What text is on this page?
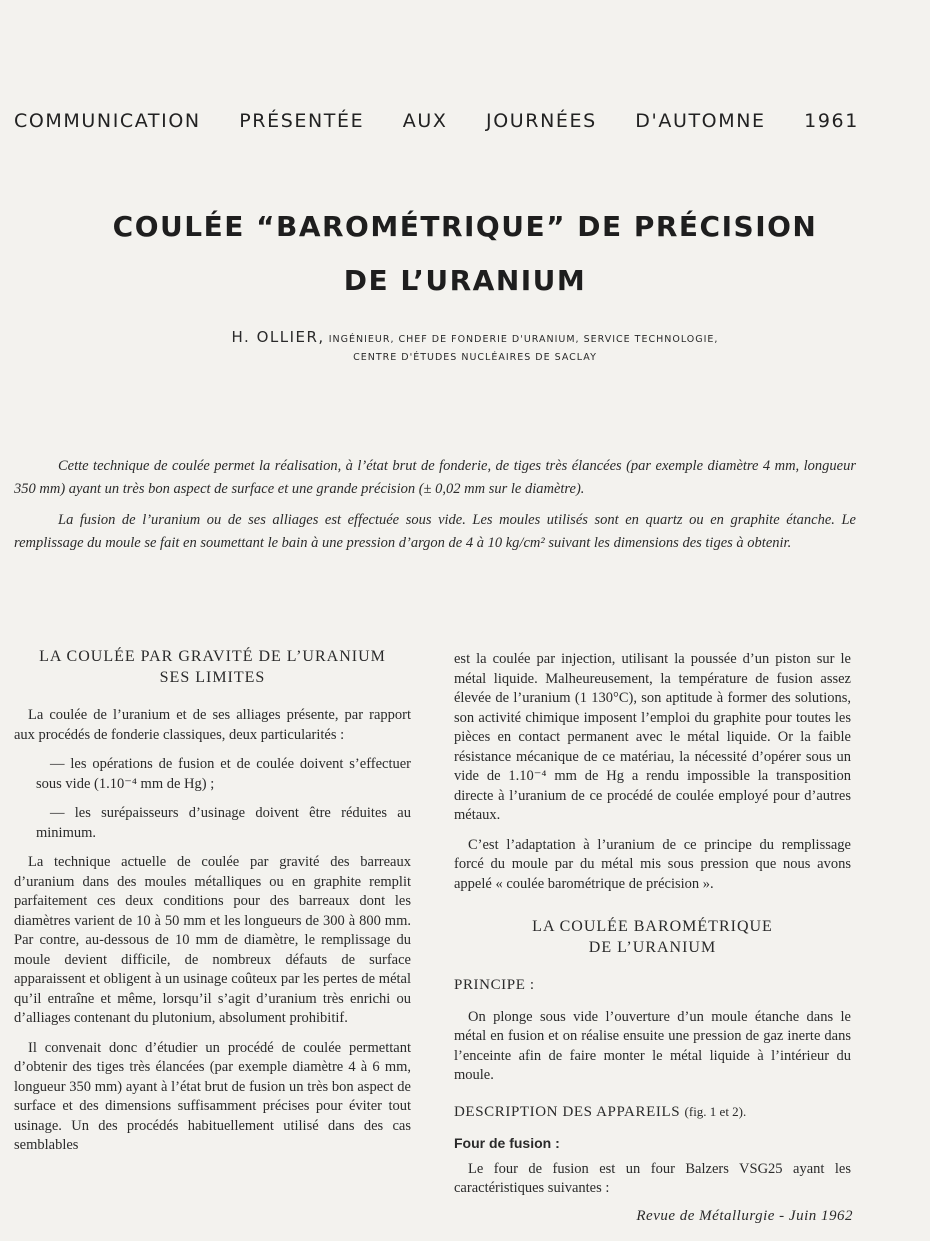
COMMUNICATION PRÉSENTÉE AUX JOURNÉES D'AUTOMNE 1961
COULÉE “BAROMÉTRIQUE” DE PRÉCISION
DE L’URANIUM
H. OLLIER, INGÉNIEUR, CHEF DE FONDERIE D'URANIUM, SERVICE TECHNOLOGIE,
CENTRE D'ÉTUDES NUCLÉAIRES DE SACLAY

Cette technique de coulée permet la réalisation, à l’état brut de fonderie, de tiges très élancées (par exemple diamètre 4 mm, longueur 350 mm) ayant un très bon aspect de surface et une grande précision (± 0,02 mm sur le diamètre).

La fusion de l’uranium ou de ses alliages est effectuée sous vide. Les moules utilisés sont en quartz ou en graphite étanche. Le remplissage du moule se fait en soumettant le bain à une pression d’argon de 4 à 10 kg/cm² suivant les dimensions des tiges à obtenir.

LA COULÉE PAR GRAVITÉ DE L’URANIUM
SES LIMITES

La coulée de l’uranium et de ses alliages présente, par rapport aux procédés de fonderie classiques, deux particularités :

— les opérations de fusion et de coulée doivent s’effectuer sous vide (1.10⁻⁴ mm de Hg) ;

— les surépaisseurs d’usinage doivent être réduites au minimum.

La technique actuelle de coulée par gravité des barreaux d’uranium dans des moules métalliques ou en graphite remplit parfaitement ces deux conditions pour des barreaux dont les diamètres varient de 10 à 50 mm et les longueurs de 300 à 800 mm. Par contre, au-dessous de 10 mm de diamètre, le remplissage du moule devient difficile, de nombreux défauts de surface apparaissent et obligent à un usinage coûteux par les pertes de métal qu’il entraîne et même, lorsqu’il s’agit d’uranium très enrichi ou d’alliages contenant du plutonium, absolument prohibitif.

Il convenait donc d’étudier un procédé de coulée permettant d’obtenir des tiges très élancées (par exemple diamètre 4 à 6 mm, longueur 350 mm) ayant à l’état brut de fusion un très bon aspect de surface et des dimensions suffisamment précises pour éviter tout usinage. Un des procédés habituellement utilisé dans des cas semblables

est la coulée par injection, utilisant la poussée d’un piston sur le métal liquide. Malheureusement, la température de fusion assez élevée de l’uranium (1 130°C), son aptitude à former des solutions, son activité chimique imposent l’emploi du graphite pour toutes les pièces en contact permanent avec le métal liquide. Or la faible résistance mécanique de ce matériau, la nécessité d’opérer sous un vide de 1.10⁻⁴ mm de Hg a rendu impossible la transposition directe à l’uranium de ce procédé de coulée employé pour d’autres métaux.

C’est l’adaptation à l’uranium de ce principe du remplissage forcé du moule par du métal mis sous pression que nous avons appelé « coulée barométrique de précision ».

LA COULÉE BAROMÉTRIQUE
DE L’URANIUM
PRINCIPE :

On plonge sous vide l’ouverture d’un moule étanche dans le métal en fusion et on réalise ensuite une pression de gaz inerte dans l’enceinte afin de faire monter le métal liquide à l’intérieur du moule.

DESCRIPTION DES APPAREILS (fig. 1 et 2).
Four de fusion :

Le four de fusion est un four Balzers VSG25 ayant les caractéristiques suivantes :

Revue de Métallurgie - Juin 1962
